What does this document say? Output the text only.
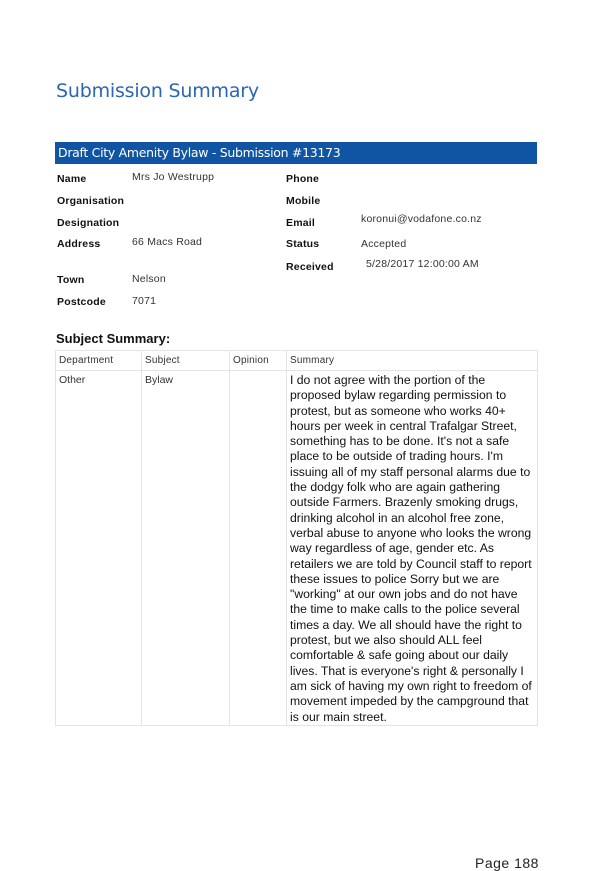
Submission Summary
Draft City Amenity Bylaw - Submission #13173
Name	Mrs Jo Westrupp
Organisation
Designation
Address	66 Macs Road
Town	Nelson
Postcode 7071
Phone
Mobile
Email	koronui@vodafone.co.nz
Status	Accepted
Received	5/28/2017 12:00:00 AM
Subject Summary:
Department	Subject	Opinion	Summary
Other	Bylaw		I do not agree with the portion of the proposed bylaw regarding permission to protest, but as someone who works 40+ hours per week in central Trafalgar Street, something has to be done. It's not a safe place to be outside of trading hours. I'm issuing all of my staff personal alarms due to the dodgy folk who are again gathering outside Farmers. Brazenly smoking drugs, drinking alcohol in an alcohol free zone, verbal abuse to anyone who looks the wrong way regardless of age, gender etc. As retailers we are told by Council staff to report these issues to police Sorry but we are "working" at our own jobs and do not have the time to make calls to the police several times a day. We all should have the right to protest, but we also should ALL feel comfortable & safe going about our daily lives. That is everyone's right & personally I am sick of having my own right to freedom of movement impeded by the campground that is our main street.
Page 188
